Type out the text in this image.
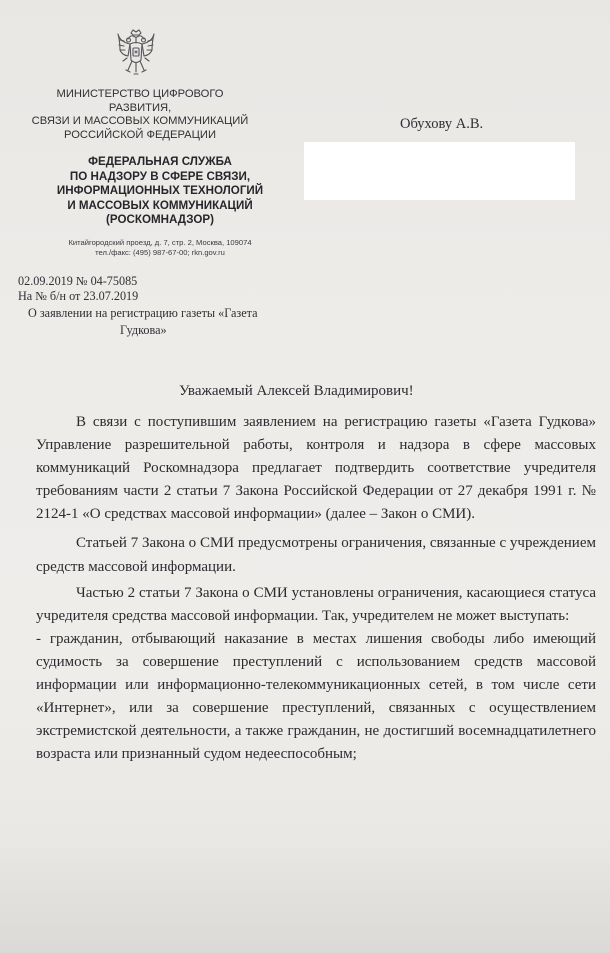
МИНИСТЕРСТВО ЦИФРОВОГО РАЗВИТИЯ,
СВЯЗИ И МАССОВЫХ КОММУНИКАЦИЙ
РОССИЙСКОЙ ФЕДЕРАЦИИ
ФЕДЕРАЛЬНАЯ СЛУЖБА
ПО НАДЗОРУ В СФЕРЕ СВЯЗИ,
ИНФОРМАЦИОННЫХ ТЕХНОЛОГИЙ
И МАССОВЫХ КОММУНИКАЦИЙ
(РОСКОМНАДЗОР)
Китайгородский проезд, д. 7, стр. 2, Москва, 109074
тел./факс: (495) 987-67-00; rkn.gov.ru
02.09.2019 № 04-75085
На № б/н от 23.07.2019
О заявлении на регистрацию газеты «Газета
Гудкова»
Обухову А.В.
Уважаемый Алексей Владимирович!

В связи с поступившим заявлением на регистрацию газеты «Газета Гудкова» Управление разрешительной работы, контроля и надзора в сфере массовых коммуникаций Роскомнадзора предлагает подтвердить соответствие учредителя требованиям части 2 статьи 7 Закона Российской Федерации от 27 декабря 1991 г. № 2124-1 «О средствах массовой информации» (далее – Закон о СМИ).

Статьей 7 Закона о СМИ предусмотрены ограничения, связанные с учреждением средств массовой информации.

Частью 2 статьи 7 Закона о СМИ установлены ограничения, касающиеся статуса учредителя средства массовой информации. Так, учредителем не может выступать:

- гражданин, отбывающий наказание в местах лишения свободы либо имеющий судимость за совершение преступлений с использованием средств массовой информации или информационно-телекоммуникационных сетей, в том числе сети «Интернет», или за совершение преступлений, связанных с осуществлением экстремистской деятельности, а также гражданин, не достигший восемнадцатилетнего возраста или признанный судом недееспособным;
